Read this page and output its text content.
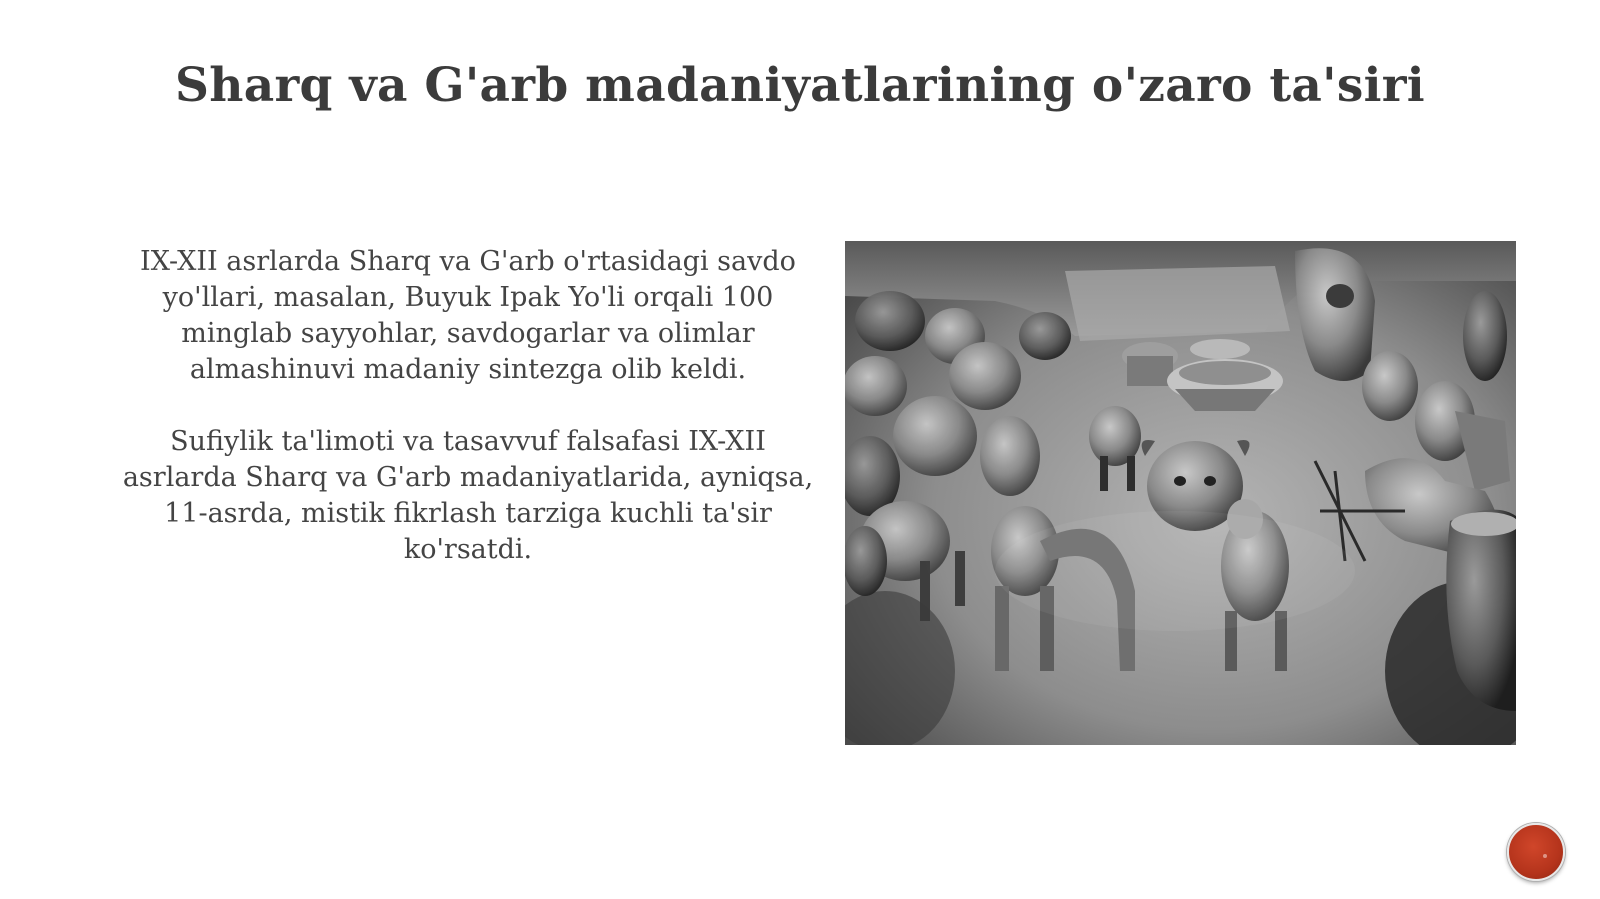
Sharq va G'arb madaniyatlarining o'zaro ta'siri

IX-XII asrlarda Sharq va G'arb o'rtasidagi savdo yo'llari, masalan, Buyuk Ipak Yo'li orqali 100 minglab sayyohlar, savdogarlar va olimlar almashinuvi madaniy sintezga olib keldi.

Sufiylik ta'limoti va tasavvuf falsafasi IX-XII asrlarda Sharq va G'arb madaniyatlarida, ayniqsa, 11-asrda, mistik fikrlash tarziga kuchli ta'sir ko'rsatdi.
